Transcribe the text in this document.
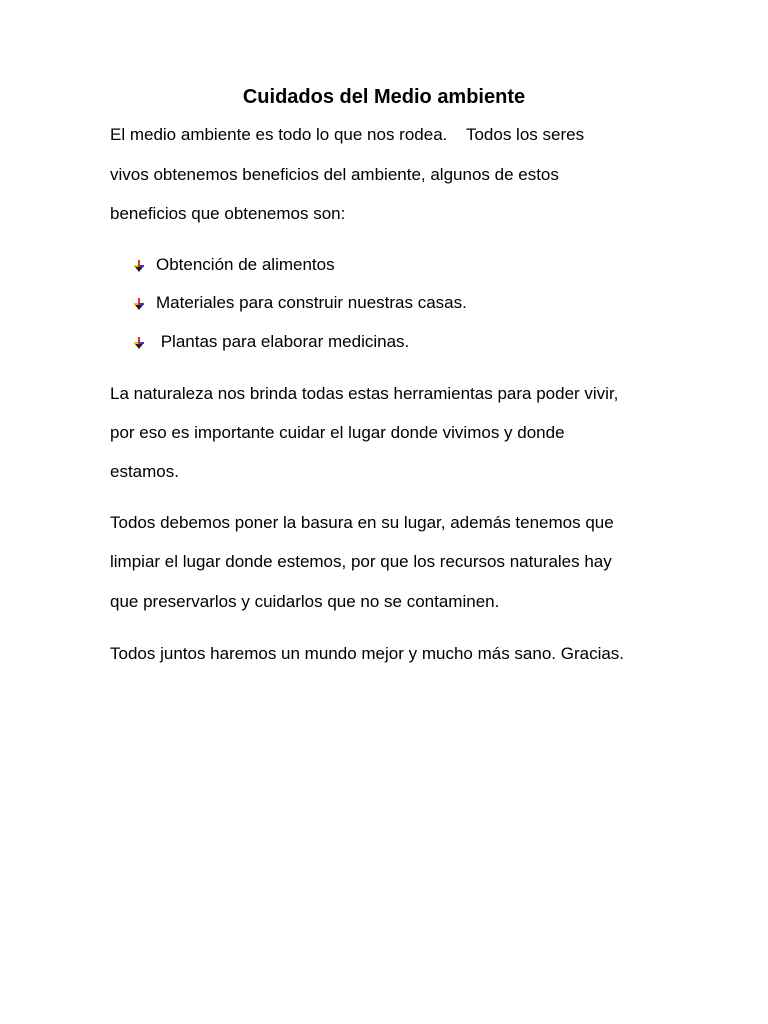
Cuidados del Medio ambiente
El medio ambiente es todo lo que nos rodea.    Todos los seres
vivos obtenemos beneficios del ambiente, algunos de estos
beneficios que obtenemos son:

Obtención de alimentos

Materiales para construir nuestras casas.

Plantas para elaborar medicinas.

La naturaleza nos brinda todas estas herramientas para poder vivir,
por eso es importante cuidar el lugar donde vivimos y donde
estamos.
Todos debemos poner la basura en su lugar, además tenemos que
limpiar el lugar donde estemos, por que los recursos naturales hay
que preservarlos y cuidarlos que no se contaminen.
Todos juntos haremos un mundo mejor y mucho más sano. Gracias.
